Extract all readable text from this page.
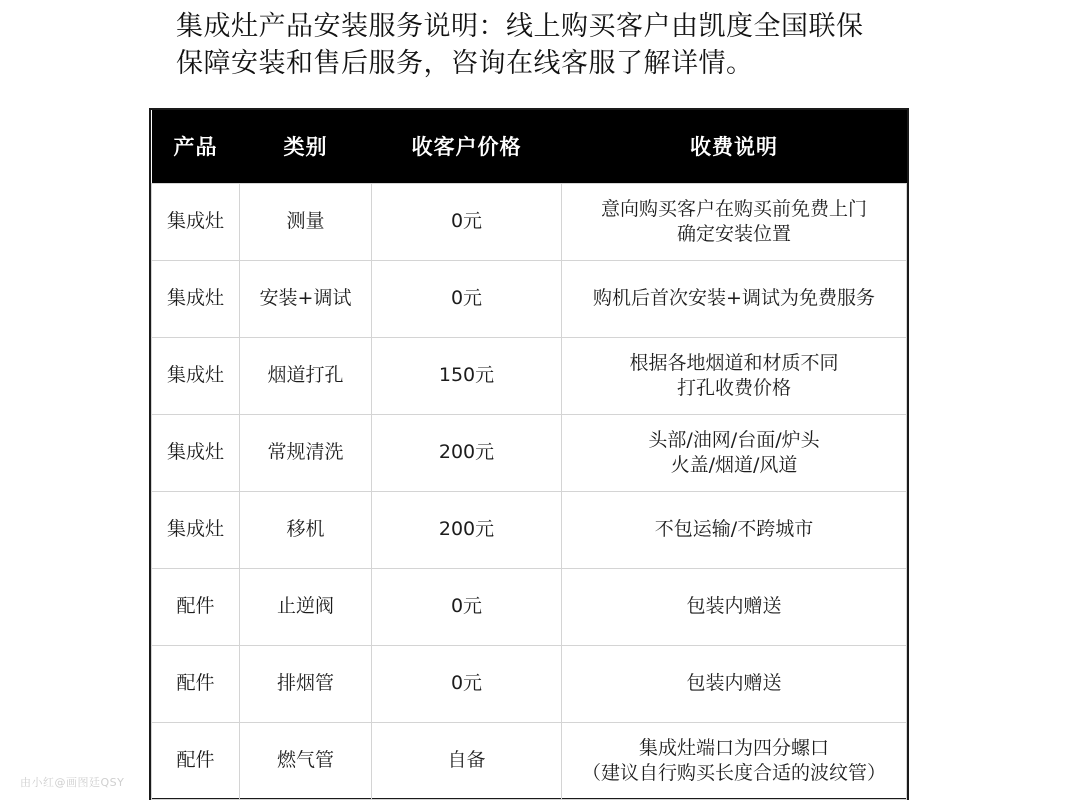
集成灶产品安装服务说明：线上购买客户由凯度全国联保
保障安装和售后服务，咨询在线客服了解详情。
产品	类别	收客户价格	收费说明
集成灶	测量	0元	意向购买客户在购买前免费上门
确定安装位置

集成灶	安装+调试	0元	购机后首次安装+调试为免费服务

集成灶	烟道打孔	150元	根据各地烟道和材质不同
打孔收费价格

集成灶	常规清洗	200元	头部/油网/台面/炉头
火盖/烟道/风道

集成灶	移机	200元	不包运输/不跨城市

配件	止逆阀	0元	包装内赠送

配件	排烟管	0元	包装内赠送

配件	燃气管	自备	集成灶端口为四分螺口
（建议自行购买长度合适的波纹管）
由小红@画图廷QSY
